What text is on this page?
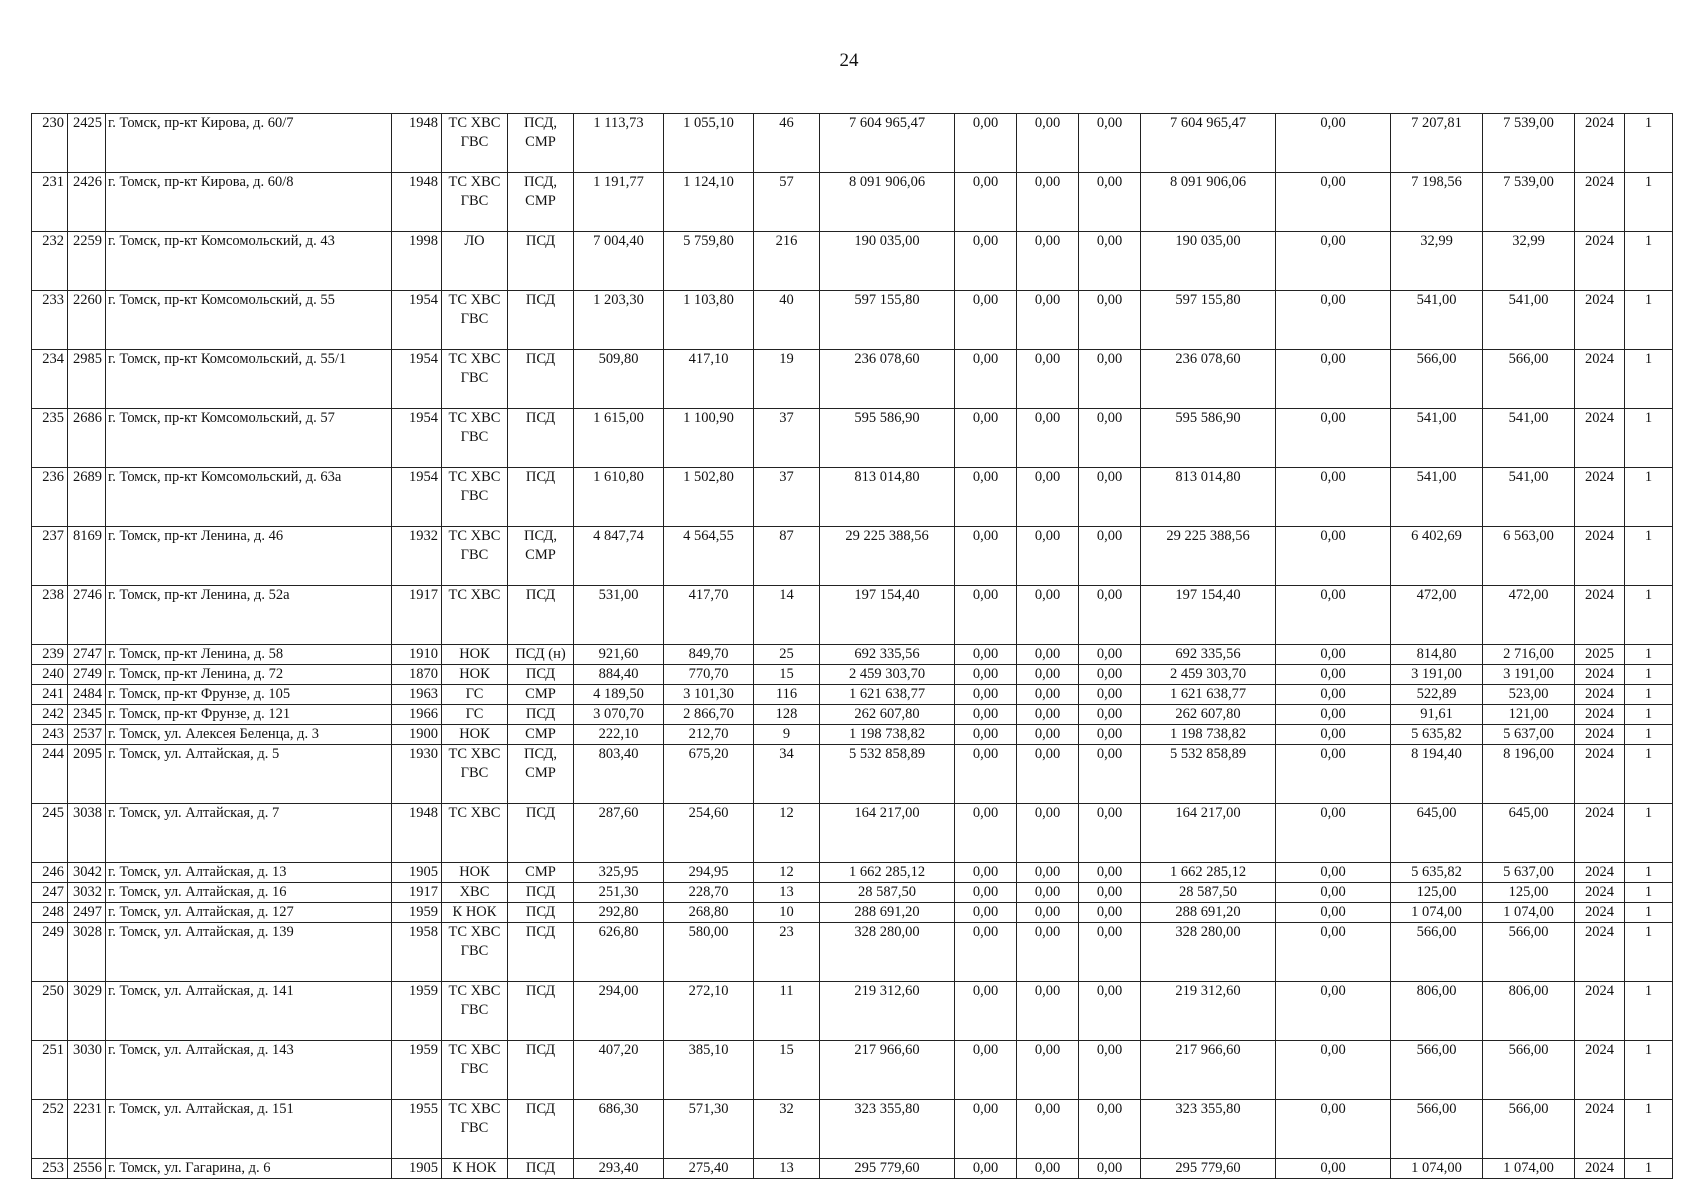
24
230	2425	г. Томск, пр-кт Кирова, д. 60/7	1948	ТС ХВС ГВС	ПСД, СМР	1 113,73	1 055,10	46	7 604 965,47	0,00	0,00	0,00	7 604 965,47	0,00	7 207,81	7 539,00	2024	1
231	2426	г. Томск, пр-кт Кирова, д. 60/8	1948	ТС ХВС ГВС	ПСД, СМР	1 191,77	1 124,10	57	8 091 906,06	0,00	0,00	0,00	8 091 906,06	0,00	7 198,56	7 539,00	2024	1
232	2259	г. Томск, пр-кт Комсомольский, д. 43	1998	ЛО	ПСД	7 004,40	5 759,80	216	190 035,00	0,00	0,00	0,00	190 035,00	0,00	32,99	32,99	2024	1
233	2260	г. Томск, пр-кт Комсомольский, д. 55	1954	ТС ХВС ГВС	ПСД	1 203,30	1 103,80	40	597 155,80	0,00	0,00	0,00	597 155,80	0,00	541,00	541,00	2024	1
234	2985	г. Томск, пр-кт Комсомольский, д. 55/1	1954	ТС ХВС ГВС	ПСД	509,80	417,10	19	236 078,60	0,00	0,00	0,00	236 078,60	0,00	566,00	566,00	2024	1
235	2686	г. Томск, пр-кт Комсомольский, д. 57	1954	ТС ХВС ГВС	ПСД	1 615,00	1 100,90	37	595 586,90	0,00	0,00	0,00	595 586,90	0,00	541,00	541,00	2024	1
236	2689	г. Томск, пр-кт Комсомольский, д. 63а	1954	ТС ХВС ГВС	ПСД	1 610,80	1 502,80	37	813 014,80	0,00	0,00	0,00	813 014,80	0,00	541,00	541,00	2024	1
237	8169	г. Томск, пр-кт Ленина, д. 46	1932	ТС ХВС ГВС	ПСД, СМР	4 847,74	4 564,55	87	29 225 388,56	0,00	0,00	0,00	29 225 388,56	0,00	6 402,69	6 563,00	2024	1
238	2746	г. Томск, пр-кт Ленина, д. 52а	1917	ТС ХВС	ПСД	531,00	417,70	14	197 154,40	0,00	0,00	0,00	197 154,40	0,00	472,00	472,00	2024	1
239	2747	г. Томск, пр-кт Ленина, д. 58	1910	НОК	ПСД (н)	921,60	849,70	25	692 335,56	0,00	0,00	0,00	692 335,56	0,00	814,80	2 716,00	2025	1
240	2749	г. Томск, пр-кт Ленина, д. 72	1870	НОК	ПСД	884,40	770,70	15	2 459 303,70	0,00	0,00	0,00	2 459 303,70	0,00	3 191,00	3 191,00	2024	1
241	2484	г. Томск, пр-кт Фрунзе, д. 105	1963	ГС	СМР	4 189,50	3 101,30	116	1 621 638,77	0,00	0,00	0,00	1 621 638,77	0,00	522,89	523,00	2024	1
242	2345	г. Томск, пр-кт Фрунзе, д. 121	1966	ГС	ПСД	3 070,70	2 866,70	128	262 607,80	0,00	0,00	0,00	262 607,80	0,00	91,61	121,00	2024	1
243	2537	г. Томск, ул. Алексея Беленца, д. 3	1900	НОК	СМР	222,10	212,70	9	1 198 738,82	0,00	0,00	0,00	1 198 738,82	0,00	5 635,82	5 637,00	2024	1
244	2095	г. Томск, ул. Алтайская, д. 5	1930	ТС ХВС ГВС	ПСД, СМР	803,40	675,20	34	5 532 858,89	0,00	0,00	0,00	5 532 858,89	0,00	8 194,40	8 196,00	2024	1
245	3038	г. Томск, ул. Алтайская, д. 7	1948	ТС ХВС	ПСД	287,60	254,60	12	164 217,00	0,00	0,00	0,00	164 217,00	0,00	645,00	645,00	2024	1
246	3042	г. Томск, ул. Алтайская, д. 13	1905	НОК	СМР	325,95	294,95	12	1 662 285,12	0,00	0,00	0,00	1 662 285,12	0,00	5 635,82	5 637,00	2024	1
247	3032	г. Томск, ул. Алтайская, д. 16	1917	ХВС	ПСД	251,30	228,70	13	28 587,50	0,00	0,00	0,00	28 587,50	0,00	125,00	125,00	2024	1
248	2497	г. Томск, ул. Алтайская, д. 127	1959	К НОК	ПСД	292,80	268,80	10	288 691,20	0,00	0,00	0,00	288 691,20	0,00	1 074,00	1 074,00	2024	1
249	3028	г. Томск, ул. Алтайская, д. 139	1958	ТС ХВС ГВС	ПСД	626,80	580,00	23	328 280,00	0,00	0,00	0,00	328 280,00	0,00	566,00	566,00	2024	1
250	3029	г. Томск, ул. Алтайская, д. 141	1959	ТС ХВС ГВС	ПСД	294,00	272,10	11	219 312,60	0,00	0,00	0,00	219 312,60	0,00	806,00	806,00	2024	1
251	3030	г. Томск, ул. Алтайская, д. 143	1959	ТС ХВС ГВС	ПСД	407,20	385,10	15	217 966,60	0,00	0,00	0,00	217 966,60	0,00	566,00	566,00	2024	1
252	2231	г. Томск, ул. Алтайская, д. 151	1955	ТС ХВС ГВС	ПСД	686,30	571,30	32	323 355,80	0,00	0,00	0,00	323 355,80	0,00	566,00	566,00	2024	1
253	2556	г. Томск, ул. Гагарина, д. 6	1905	К НОК	ПСД	293,40	275,40	13	295 779,60	0,00	0,00	0,00	295 779,60	0,00	1 074,00	1 074,00	2024	1
